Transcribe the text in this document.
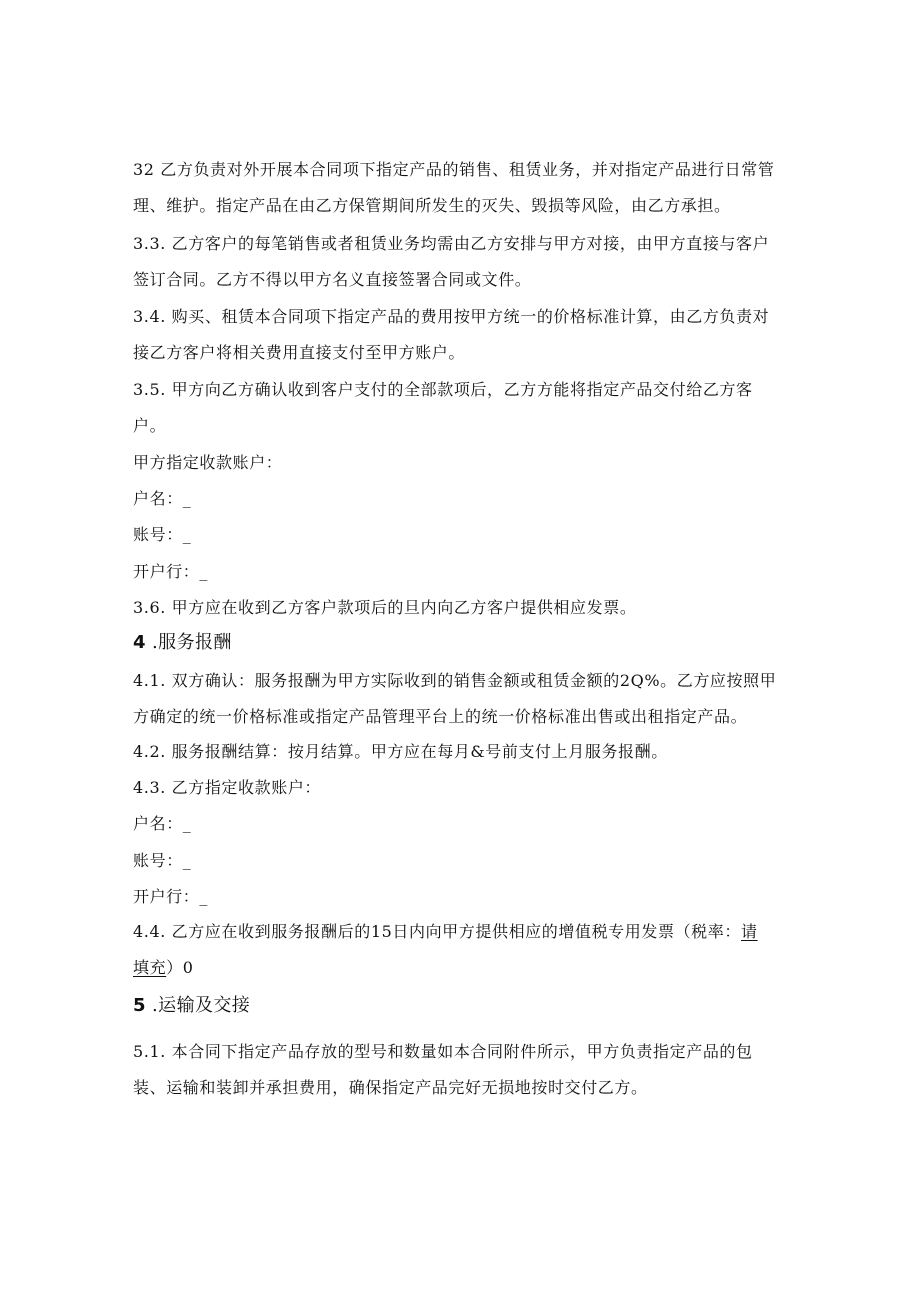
32 乙方负责对外开展本合同项下指定产品的销售、租赁业务，并对指定产品进行日常管
理、维护。指定产品在由乙方保管期间所发生的灭失、毁损等风险，由乙方承担。
3.3. 乙方客户的每笔销售或者租赁业务均需由乙方安排与甲方对接，由甲方直接与客户
签订合同。乙方不得以甲方名义直接签署合同或文件。
3.4. 购买、租赁本合同项下指定产品的费用按甲方统一的价格标准计算，由乙方负责对
接乙方客户将相关费用直接支付至甲方账户。
3.5. 甲方向乙方确认收到客户支付的全部款项后，乙方方能将指定产品交付给乙方客
户。
甲方指定收款账户：
户名：_
账号：_
开户行：_
3.6. 甲方应在收到乙方客户款项后的旦内向乙方客户提供相应发票。
4 .服务报酬
4.1. 双方确认：服务报酬为甲方实际收到的销售金额或租赁金额的2Q%。乙方应按照甲
方确定的统一价格标准或指定产品管理平台上的统一价格标准出售或出租指定产品。
4.2. 服务报酬结算：按月结算。甲方应在每月&号前支付上月服务报酬。
4.3. 乙方指定收款账户：
户名：_
账号：_
开户行：_
4.4. 乙方应在收到服务报酬后的15日内向甲方提供相应的增值税专用发票（税率：请
填充）0
5 .运输及交接
5.1. 本合同下指定产品存放的型号和数量如本合同附件所示，甲方负责指定产品的包
装、运输和装卸并承担费用，确保指定产品完好无损地按时交付乙方。
